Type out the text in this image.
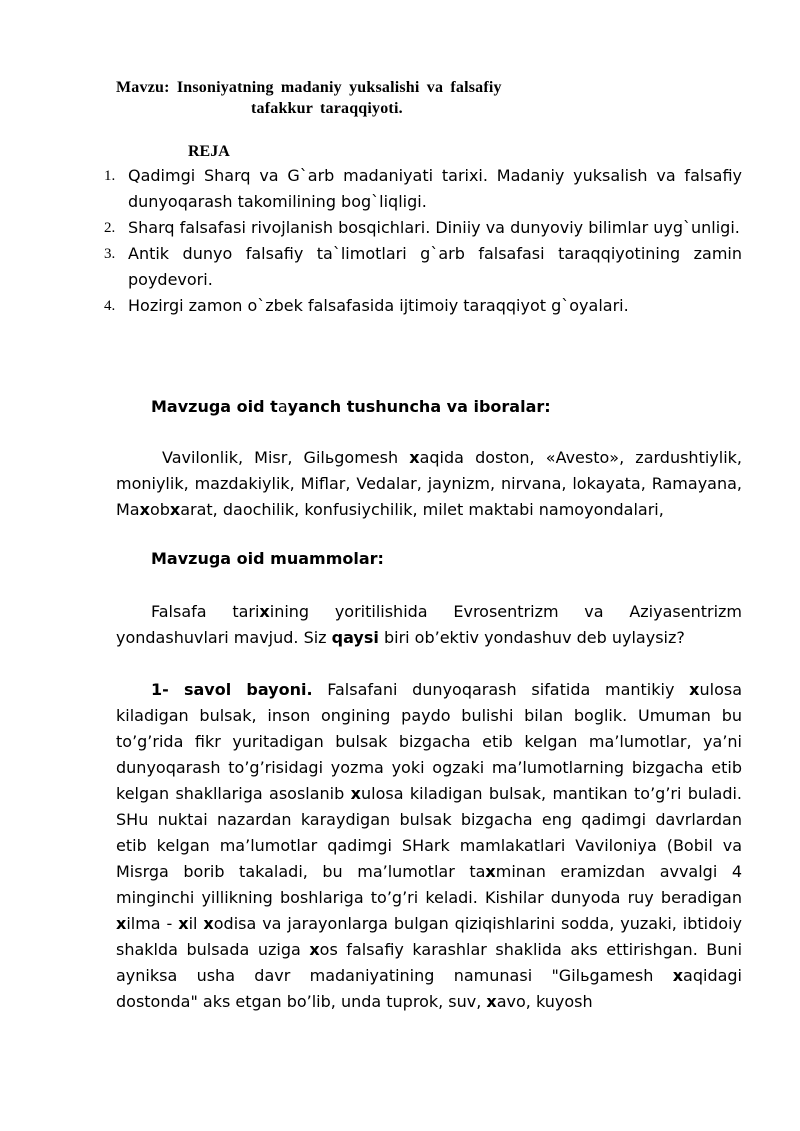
Mavzu: Insoniyatning madaniy yuksalishi va falsafiy
tafakkur taraqqiyoti.
REJA
1. Qadimgi Sharq va G`arb madaniyati tarixi. Madaniy yuksalish va falsafiy dunyoqarash takomilining bog`liqligi.
2. Sharq falsafasi rivojlanish bosqichlari. Diniiy va dunyoviy bilimlar uyg`unligi.
3. Antik dunyo falsafiy ta`limotlari g`arb falsafasi taraqqiyotining zamin poydevori.
4. Hozirgi zamon o`zbek falsafasida ijtimoiy taraqqiyot g`oyalari.
Mavzuga oid tayanch tushuncha va iboralar:

Vavilonlik, Misr, Gilьgomesh xaqida doston, «Avesto», zardushtiylik, moniylik, mazdakiylik, Miflar, Vedalar, jaynizm, nirvana, lokayata, Ramayana, Maxobxarat, daochilik, konfusiychilik, milet maktabi namoyondalari,

Mavzuga oid muammolar:

Falsafa tarixining yoritilishida Evrosentrizm va Aziyasentrizm yondashuvlari mavjud. Siz qaysi biri ob’ektiv yondashuv deb uylaysiz?

1- savol bayoni. Falsafani dunyoqarash sifatida mantikiy xulosa kiladigan bulsak, inson ongining paydo bulishi bilan boglik. Umuman bu to’g’rida fikr yuritadigan bulsak bizgacha etib kelgan ma’lumotlar, ya’ni dunyoqarash to’g’risidagi yozma yoki ogzaki ma’lumotlarning bizgacha etib kelgan shakllariga asoslanib xulosa kiladigan bulsak, mantikan to’g’ri buladi. SHu nuktai nazardan karaydigan bulsak bizgacha eng qadimgi davrlardan etib kelgan ma’lumotlar qadimgi SHark mamlakatlari Vaviloniya (Bobil va Misrga borib takaladi, bu ma’lumotlar taxminan eramizdan avvalgi 4 minginchi yillikning boshlariga to’g’ri keladi. Kishilar dunyoda ruy beradigan xilma - xil xodisa va jarayonlarga bulgan qiziqishlarini sodda, yuzaki, ibtidoiy shaklda bulsada uziga xos falsafiy karashlar shaklida aks ettirishgan. Buni ayniksa usha davr madaniyatining namunasi "Gilьgamesh xaqidagi dostonda" aks etgan bo’lib, unda tuprok, suv, xavo, kuyosh
